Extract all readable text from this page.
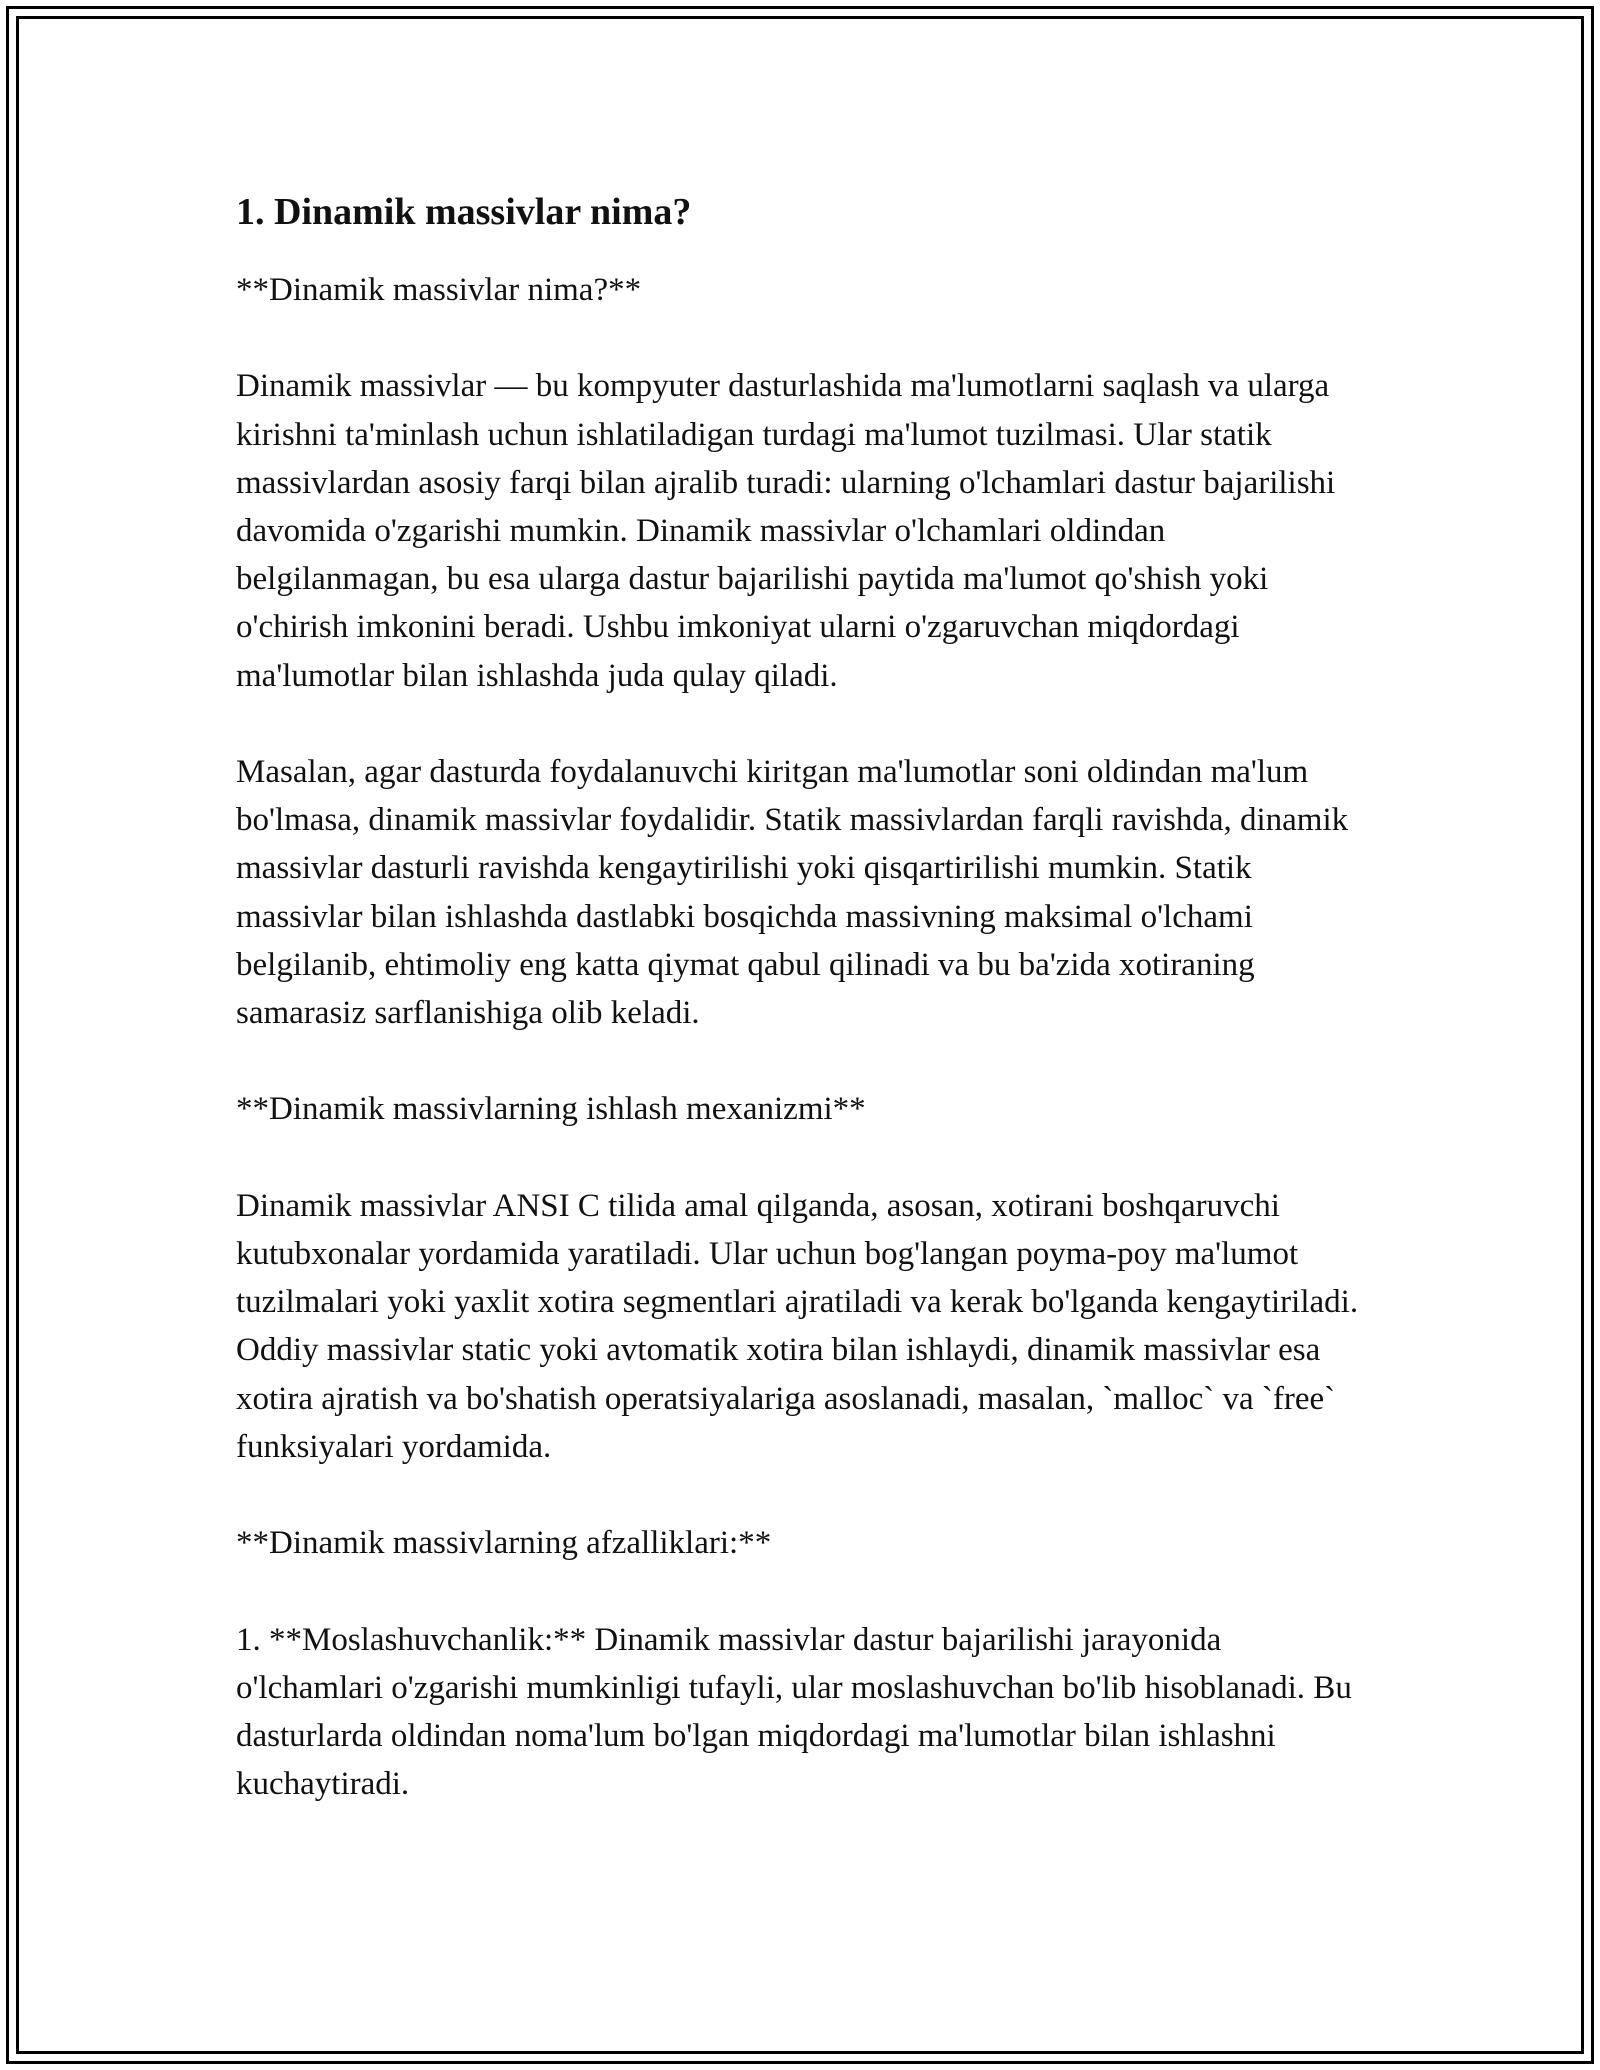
1. Dinamik massivlar nima?

**Dinamik massivlar nima?**

Dinamik massivlar — bu kompyuter dasturlashida ma'lumotlarni saqlash va ularga kirishni ta'minlash uchun ishlatiladigan turdagi ma'lumot tuzilmasi. Ular statik massivlardan asosiy farqi bilan ajralib turadi: ularning o'lchamlari dastur bajarilishi davomida o'zgarishi mumkin. Dinamik massivlar o'lchamlari oldindan belgilanmagan, bu esa ularga dastur bajarilishi paytida ma'lumot qo'shish yoki o'chirish imkonini beradi. Ushbu imkoniyat ularni o'zgaruvchan miqdordagi ma'lumotlar bilan ishlashda juda qulay qiladi.

Masalan, agar dasturda foydalanuvchi kiritgan ma'lumotlar soni oldindan ma'lum bo'lmasa, dinamik massivlar foydalidir. Statik massivlardan farqli ravishda, dinamik massivlar dasturli ravishda kengaytirilishi yoki qisqartirilishi mumkin. Statik massivlar bilan ishlashda dastlabki bosqichda massivning maksimal o'lchami belgilanib, ehtimoliy eng katta qiymat qabul qilinadi va bu ba'zida xotiraning samarasiz sarflanishiga olib keladi.

**Dinamik massivlarning ishlash mexanizmi**

Dinamik massivlar ANSI C tilida amal qilganda, asosan, xotirani boshqaruvchi kutubxonalar yordamida yaratiladi. Ular uchun bog'langan poyma-poy ma'lumot tuzilmalari yoki yaxlit xotira segmentlari ajratiladi va kerak bo'lganda kengaytiriladi. Oddiy massivlar static yoki avtomatik xotira bilan ishlaydi, dinamik massivlar esa xotira ajratish va bo'shatish operatsiyalariga asoslanadi, masalan, `malloc` va `free` funksiyalari yordamida.

**Dinamik massivlarning afzalliklari:**

1. **Moslashuvchanlik:** Dinamik massivlar dastur bajarilishi jarayonida o'lchamlari o'zgarishi mumkinligi tufayli, ular moslashuvchan bo'lib hisoblanadi. Bu dasturlarda oldindan noma'lum bo'lgan miqdordagi ma'lumotlar bilan ishlashni kuchaytiradi.
